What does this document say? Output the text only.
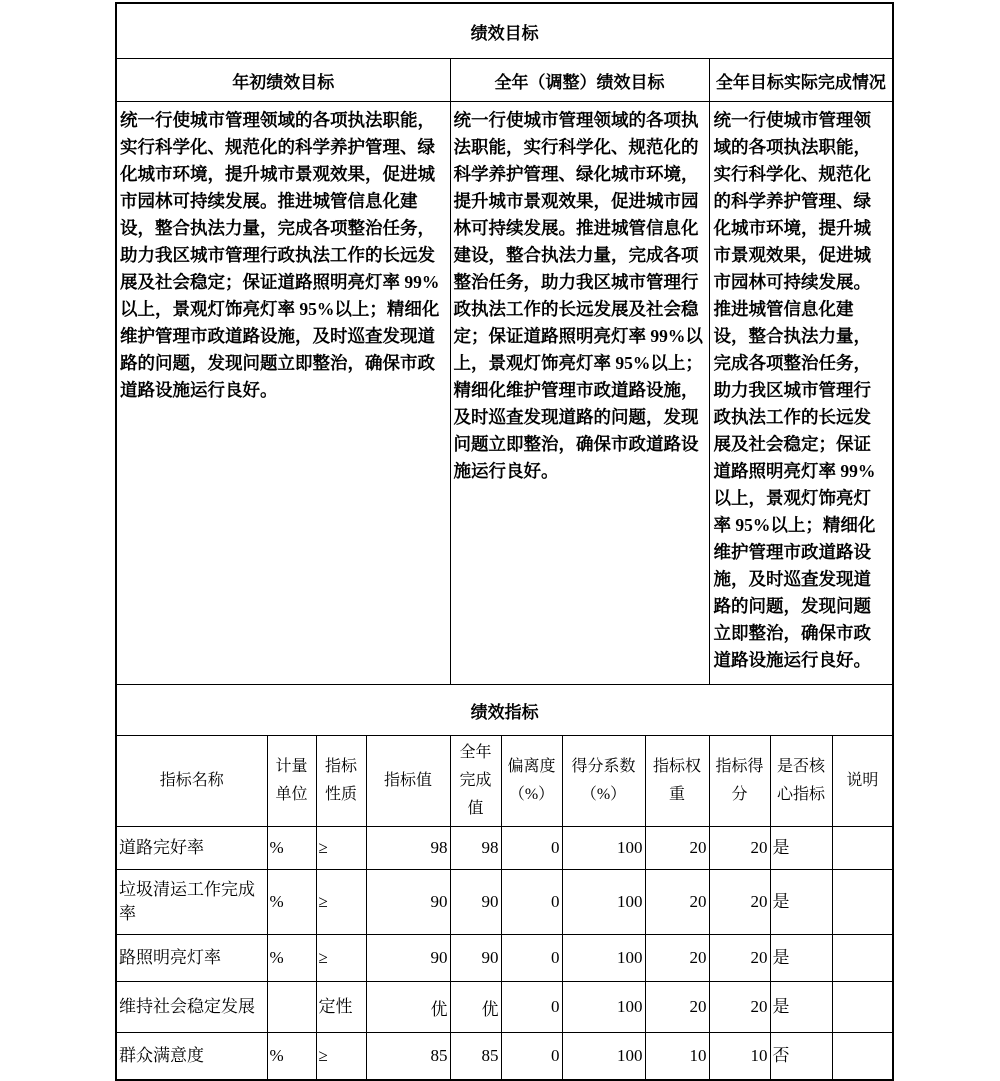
绩效目标										
年初绩效目标				全年（调整）绩效目标				全年目标实际完成情况		
统一行使城市管理领域的各项执法职能，实行科学化、规范化的科学养护管理、绿化城市环境，提升城市景观效果，促进城市园林可持续发展。推进城管信息化建设，整合执法力量，完成各项整治任务，助力我区城市管理行政执法工作的长远发展及社会稳定；保证道路照明亮灯率 99%以上，景观灯饰亮灯率 95%以上；精细化维护管理市政道路设施，及时巡查发现道路的问题，发现问题立即整治，确保市政道路设施运行良好。				统一行使城市管理领域的各项执法职能，实行科学化、规范化的科学养护管理、绿化城市环境，提升城市景观效果，促进城市园林可持续发展。推进城管信息化建设，整合执法力量，完成各项整治任务，助力我区城市管理行政执法工作的长远发展及社会稳定；保证道路照明亮灯率 99%以上，景观灯饰亮灯率 95%以上；精细化维护管理市政道路设施，及时巡查发现道路的问题，发现问题立即整治，确保市政道路设施运行良好。				统一行使城市管理领域的各项执法职能，实行科学化、规范化的科学养护管理、绿化城市环境，提升城市景观效果，促进城市园林可持续发展。推进城管信息化建设，整合执法力量，完成各项整治任务，助力我区城市管理行政执法工作的长远发展及社会稳定；保证道路照明亮灯率 99%以上，景观灯饰亮灯率 95%以上；精细化维护管理市政道路设施，及时巡查发现道路的问题，发现问题立即整治，确保市政道路设施运行良好。		
绩效指标										
指标名称	计量单位	指标性质	指标值	全年完成值	偏离度（%）	得分系数（%）	指标权重	指标得分	是否核心指标	说明
道路完好率	%	≥	98	98	0	100	20	20	是	
垃圾清运工作完成率	%	≥	90	90	0	100	20	20	是	
路照明亮灯率	%	≥	90	90	0	100	20	20	是	
维持社会稳定发展		定性	优	优	0	100	20	20	是	
群众满意度	%	≥	85	85	0	100	10	10	否	
